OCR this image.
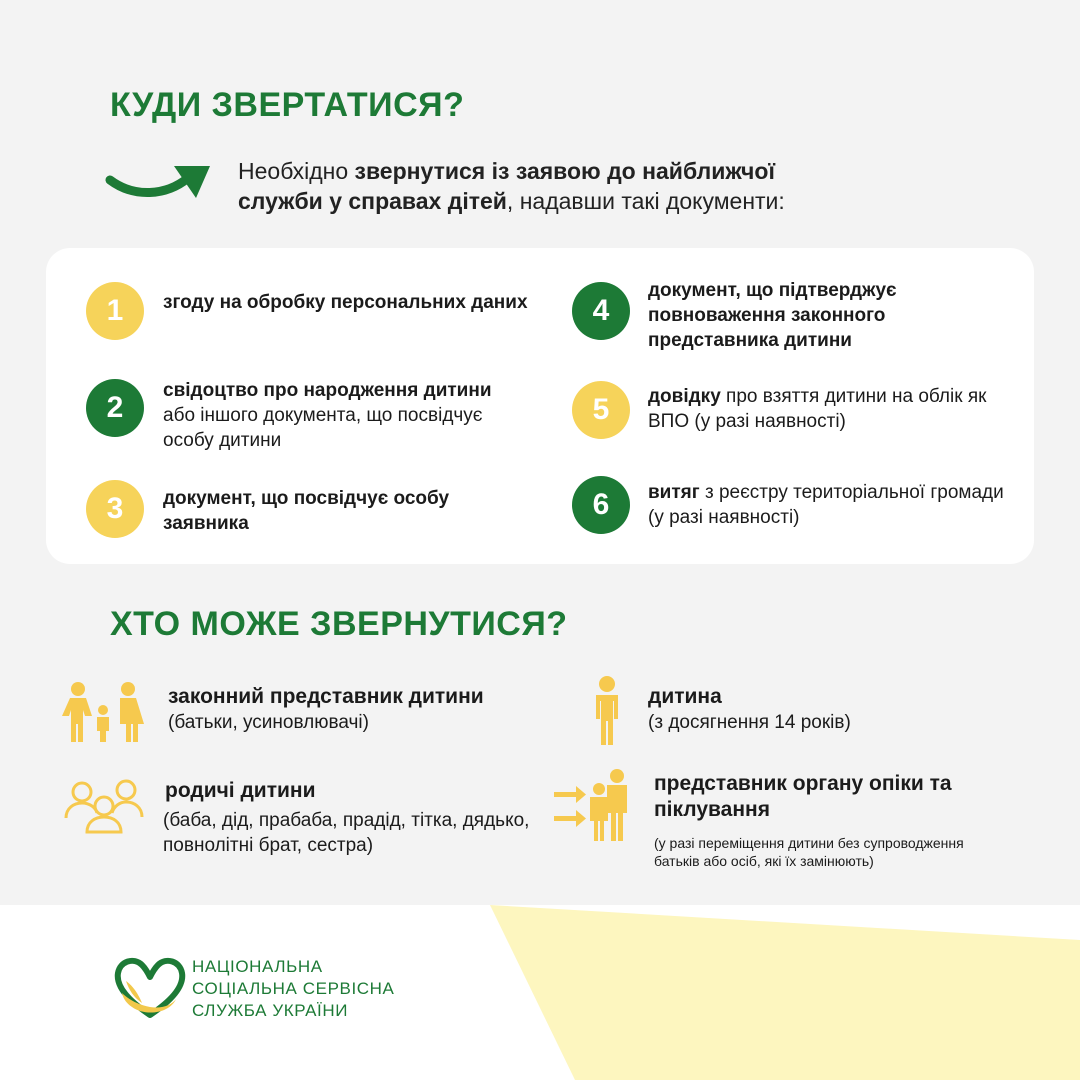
КУДИ ЗВЕРТАТИСЯ?

Необхідно звернутися із заявою до найближчої
служби у справах дітей, надавши такі документи:

1	згоду на обробку персональних даних
2
свідоцтво про народження дитини або іншого документа, що посвідчує особу дитини
3	документ, що посвідчує особу заявника
4
документ, що підтверджує повноваження законного представника дитини
5	довідку про взяття дитини на облік як ВПО (у разі наявності)
6	витяг з реєстру територіальної громади (у разі наявності)
ХТО МОЖЕ ЗВЕРНУТИСЯ?
законний представник дитини
(батьки, усиновлювачі)
дитина
(з досягнення 14 років)
родичі дитини
(баба, дід, прабаба, прадід, тітка, дядько, повнолітні брат, сестра)
представник органу опіки та піклування
(у разі переміщення дитини без супроводження батьків або осіб, які їх замінюють)
НАЦІОНАЛЬНА
СОЦІАЛЬНА СЕРВІСНА
СЛУЖБА УКРАЇНИ
